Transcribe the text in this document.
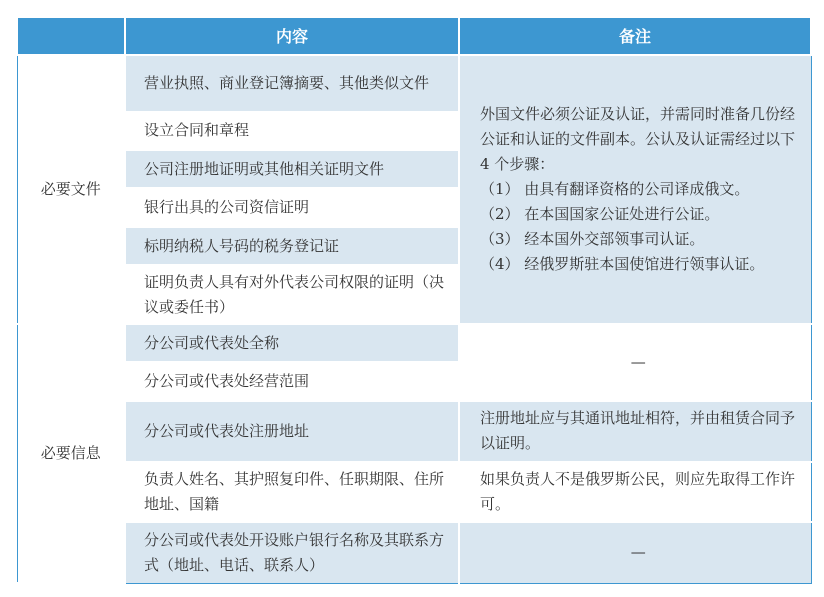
	内容	备注
必要文件	营业执照、商业登记簿摘要、其他类似文件	外国文件必须公证及认证，并需同时准备几份经公证和认证的文件副本。公认及认证需经过以下 4 个步骤：
（1） 由具有翻译资格的公司译成俄文。
（2） 在本国国家公证处进行公证。
（3） 经本国外交部领事司认证。
（4） 经俄罗斯驻本国使馆进行领事认证。

	设立合同和章程	
	公司注册地证明或其他相关证明文件	
	银行出具的公司资信证明	
	标明纳税人号码的税务登记证	
	证明负责人具有对外代表公司权限的证明（决议或委任书）	
必要信息	分公司或代表处全称	—
	分公司或代表处经营范围	
	分公司或代表处注册地址	注册地址应与其通讯地址相符，并由租赁合同予以证明。
	负责人姓名、其护照复印件、任职期限、住所地址、国籍	如果负责人不是俄罗斯公民，则应先取得工作许可。
	分公司或代表处开设账户银行名称及其联系方式（地址、电话、联系人）	—
